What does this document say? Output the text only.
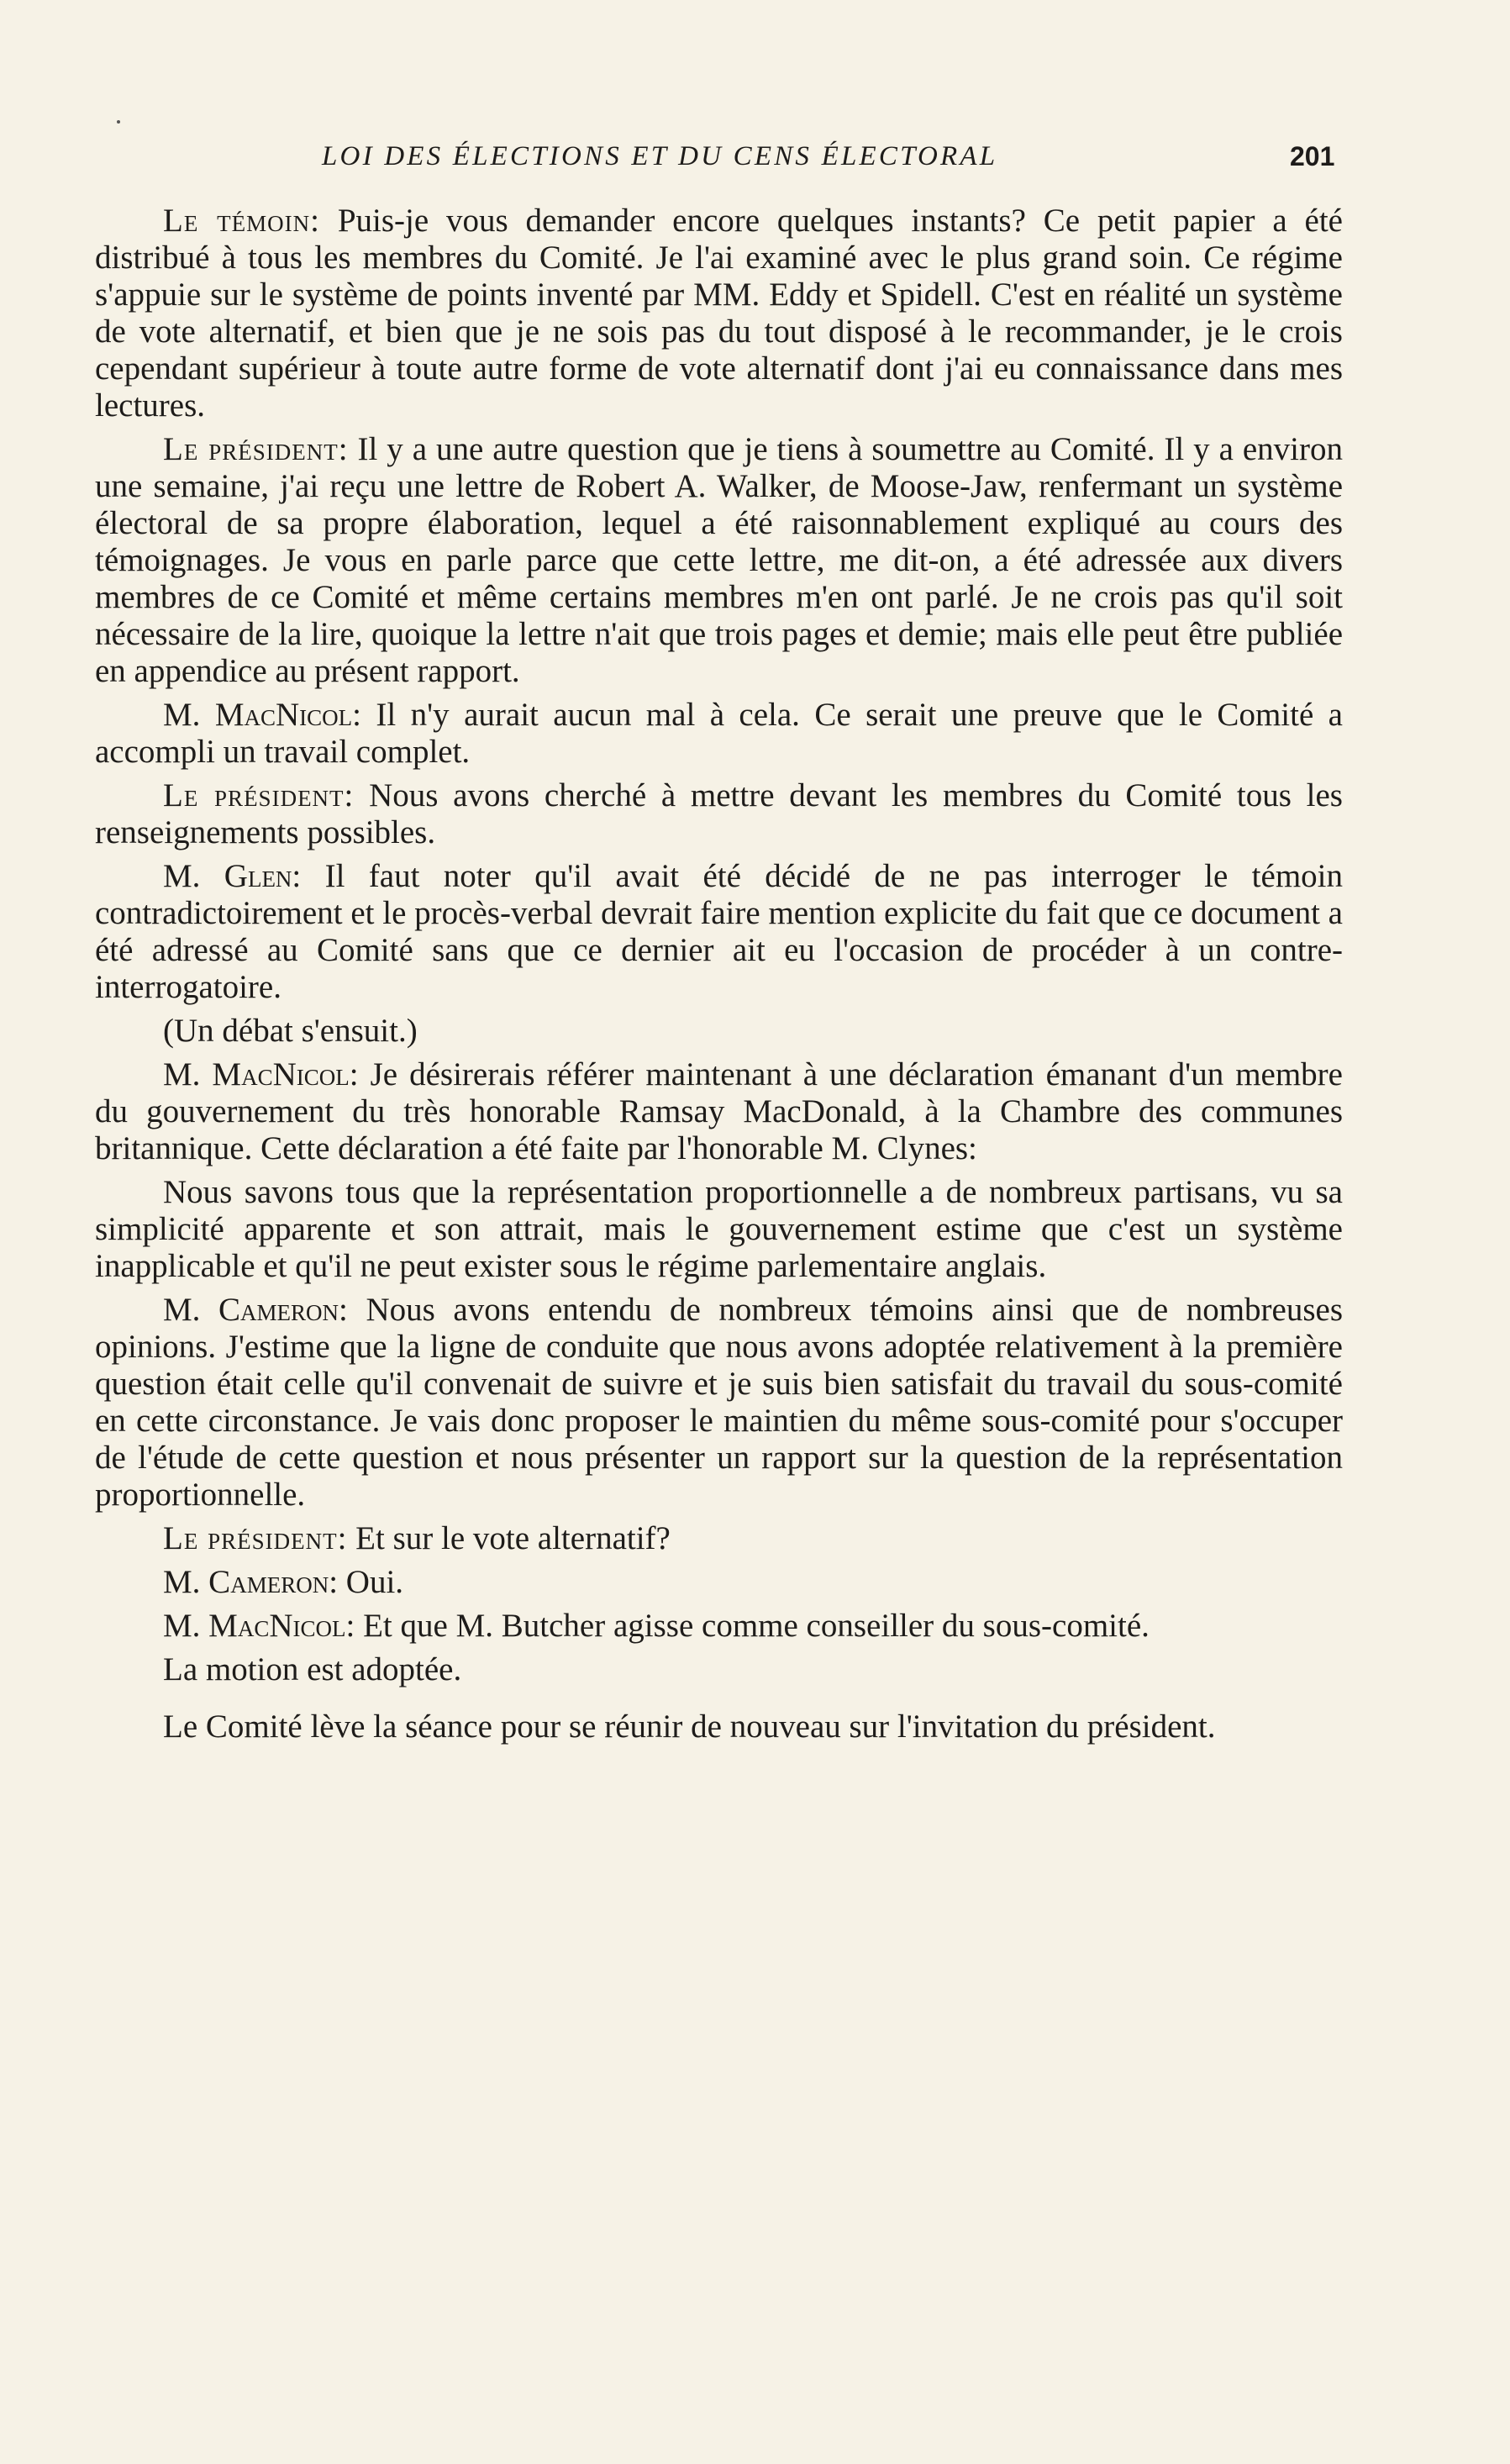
LOI DES ÉLECTIONS ET DU CENS ÉLECTORAL	201

Le témoin: Puis-je vous demander encore quelques instants? Ce petit papier a été distribué à tous les membres du Comité. Je l'ai examiné avec le plus grand soin. Ce régime s'appuie sur le système de points inventé par MM. Eddy et Spidell. C'est en réalité un système de vote alternatif, et bien que je ne sois pas du tout disposé à le recommander, je le crois cependant supérieur à toute autre forme de vote alternatif dont j'ai eu connaissance dans mes lectures.

Le président: Il y a une autre question que je tiens à soumettre au Comité. Il y a environ une semaine, j'ai reçu une lettre de Robert A. Walker, de Moose-Jaw, renfermant un système électoral de sa propre élaboration, lequel a été raisonnablement expliqué au cours des témoignages. Je vous en parle parce que cette lettre, me dit-on, a été adressée aux divers membres de ce Comité et même certains membres m'en ont parlé. Je ne crois pas qu'il soit nécessaire de la lire, quoique la lettre n'ait que trois pages et demie; mais elle peut être publiée en appendice au présent rapport.

M. MacNicol: Il n'y aurait aucun mal à cela. Ce serait une preuve que le Comité a accompli un travail complet.

Le président: Nous avons cherché à mettre devant les membres du Comité tous les renseignements possibles.

M. Glen: Il faut noter qu'il avait été décidé de ne pas interroger le témoin contradictoirement et le procès-verbal devrait faire mention explicite du fait que ce document a été adressé au Comité sans que ce dernier ait eu l'occasion de procéder à un contre-interrogatoire.

(Un débat s'ensuit.)

M. MacNicol: Je désirerais référer maintenant à une déclaration émanant d'un membre du gouvernement du très honorable Ramsay MacDonald, à la Chambre des communes britannique. Cette déclaration a été faite par l'honorable M. Clynes:

Nous savons tous que la représentation proportionnelle a de nombreux partisans, vu sa simplicité apparente et son attrait, mais le gouvernement estime que c'est un système inapplicable et qu'il ne peut exister sous le régime parlementaire anglais.

M. Cameron: Nous avons entendu de nombreux témoins ainsi que de nombreuses opinions. J'estime que la ligne de conduite que nous avons adoptée relativement à la première question était celle qu'il convenait de suivre et je suis bien satisfait du travail du sous-comité en cette circonstance. Je vais donc proposer le maintien du même sous-comité pour s'occuper de l'étude de cette question et nous présenter un rapport sur la question de la représentation proportionnelle.

Le président: Et sur le vote alternatif?

M. Cameron: Oui.

M. MacNicol: Et que M. Butcher agisse comme conseiller du sous-comité.

La motion est adoptée.

Le Comité lève la séance pour se réunir de nouveau sur l'invitation du président.
